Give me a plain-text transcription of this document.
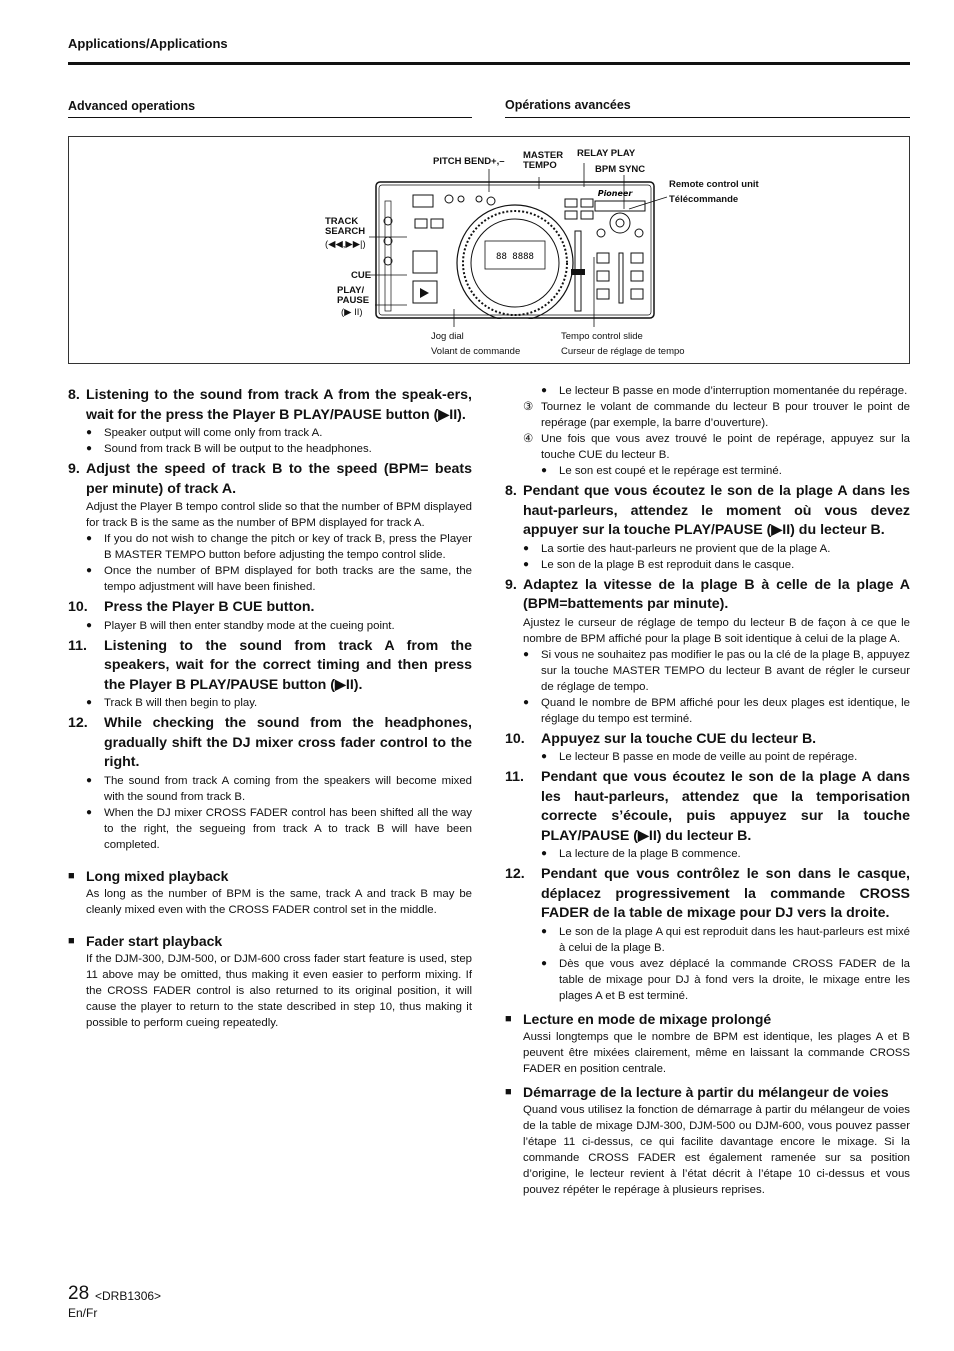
Applications/Applications
Advanced operations	Opérations avancées
88 8888
Pioneer
PITCH BEND+,–
MASTER TEMPO
RELAY PLAY
BPM SYNC
Remote control unit
Télécommande
TRACK SEARCH
(◀◀,▶▶|)
CUE
PLAY/ PAUSE
(▶ II)
Jog dial
Volant de commande
Tempo control slide
Curseur de réglage de tempo
8. Listening to the sound from track A from the speak-ers, wait for the press the Player B PLAY/PAUSE button (▶II).
●	Speaker output will come only from track A.
●	Sound from track B will be output to the headphones.
9. Adjust the speed of track B to the speed (BPM= beats per minute) of track A.
Adjust the Player B tempo control slide so that the number of BPM displayed for track B is the same as the number of BPM displayed for track A.
●	If you do not wish to change the pitch or key of track B, press the Player B MASTER TEMPO button before adjusting the tempo control slide.
●	Once the number of BPM displayed for both tracks are the same, the tempo adjustment will have been finished.
10.	Press the Player B CUE button.
●	Player B will then enter standby mode at the cueing point.
11.	Listening to the sound from track A from the speakers, wait for the correct timing and then press the Player B PLAY/PAUSE button (▶II).
●	Track B will then begin to play.
12.	While checking the sound from the headphones, gradually shift the DJ mixer cross fader control to the right.
●	The sound from track A coming from the speakers will become mixed with the sound from track B.
●	When the DJ mixer CROSS FADER control has been shifted all the way to the right, the segueing from track A to track B will have been completed.
■ Long mixed playback
As long as the number of BPM is the same, track A and track B may be cleanly mixed even with the CROSS FADER control set in the middle.
■ Fader start playback
If the DJM-300, DJM-500, or DJM-600 cross fader start feature is used, step 11 above may be omitted, thus making it even easier to perform mixing. If the CROSS FADER control is also returned to its original position, it will cause the player to return to the state described in step 10, thus making it possible to perform cueing repeatedly.
●	Le lecteur B passe en mode d’interruption momentanée du repérage.
③ Tournez le volant de commande du lecteur B pour trouver le point de repérage (par exemple, la barre d’ouverture).
④ Une fois que vous avez trouvé le point de repérage, appuyez sur la touche CUE du lecteur B.
●	Le son est coupé et le repérage est terminé.
8. Pendant que vous écoutez le son de la plage A dans les haut-parleurs, attendez le moment où vous devez appuyer sur la touche PLAY/PAUSE (▶II) du lecteur B.
●	La sortie des haut-parleurs ne provient que de la plage A.
●	Le son de la plage B est reproduit dans le casque.
9. Adaptez la vitesse de la plage B à celle de la plage A (BPM=battements par minute).
Ajustez le curseur de réglage de tempo du lecteur B de façon à ce que le nombre de BPM affiché pour la plage B soit identique à celui de la plage A.
●	Si vous ne souhaitez pas modifier le pas ou la clé de la plage B, appuyez sur la touche MASTER TEMPO du lecteur B avant de régler le curseur de réglage de tempo.
●	Quand le nombre de BPM affiché pour les deux plages est identique, le réglage du tempo est terminé.
10.	Appuyez sur la touche CUE du lecteur B.
●	Le lecteur B passe en mode de veille au point de repérage.
11.	Pendant que vous écoutez le son de la plage A dans les haut-parleurs, attendez que la temporisation correcte s’écoule, puis appuyez sur la touche PLAY/PAUSE (▶II) du lecteur B.
●	La lecture de la plage B commence.
12.	Pendant que vous contrôlez le son dans le casque, déplacez progressivement la commande CROSS FADER de la table de mixage pour DJ vers la droite.
●	Le son de la plage A qui est reproduit dans les haut-parleurs est mixé à celui de la plage B.
●	Dès que vous avez déplacé la commande CROSS FADER de la table de mixage pour DJ à fond vers la droite, le mixage entre les plages A et B est terminé.
■ Lecture en mode de mixage prolongé
Aussi longtemps que le nombre de BPM est identique, les plages A et B peuvent être mixées clairement, même en laissant la commande CROSS FADER en position centrale.
■ Démarrage de la lecture à partir du mélangeur de voies
Quand vous utilisez la fonction de démarrage à partir du mélangeur de voies de la table de mixage DJM-300, DJM-500 ou DJM-600, vous pouvez passer l’étape 11 ci-dessus, ce qui facilite davantage encore le mixage. Si la commande CROSS FADER est également ramenée sur sa position d’origine, le lecteur revient à l’état décrit à l’étape 10 ci-dessus et vous pouvez répéter le repérage à plusieurs reprises.
28 <DRB1306>
En/Fr
